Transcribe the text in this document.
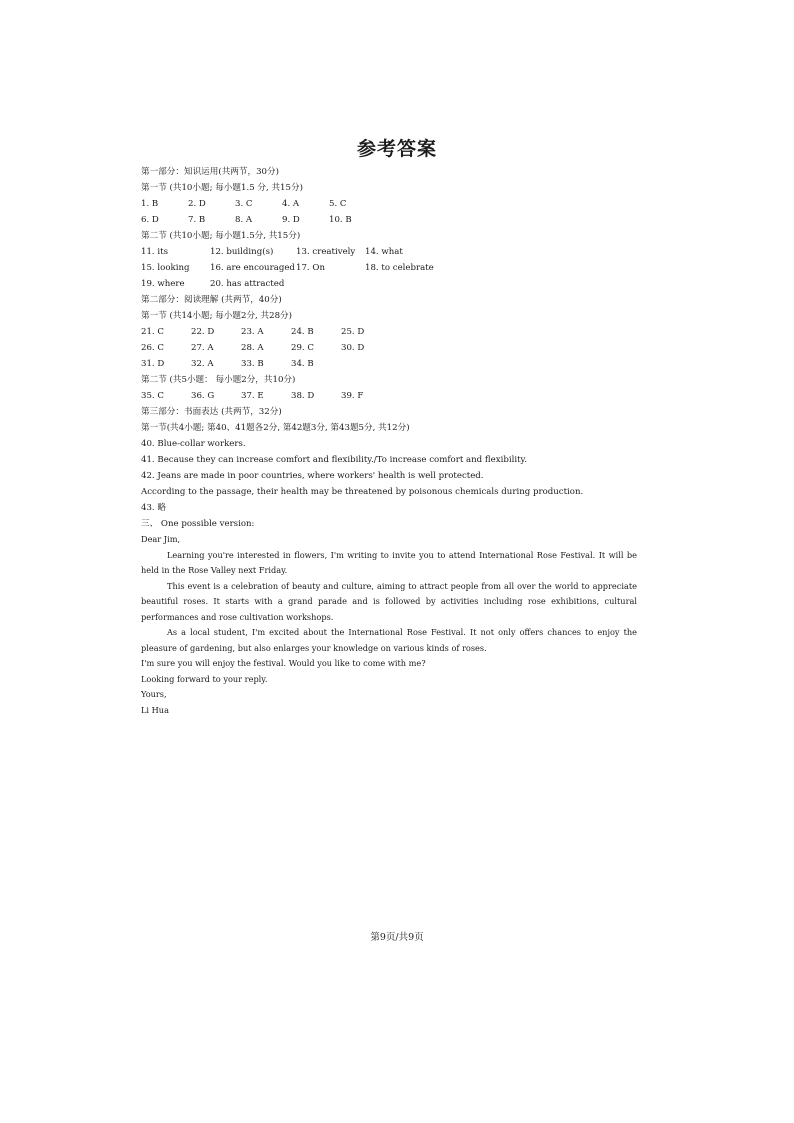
参考答案
第一部分：知识运用(共两节，30分)
第一节 (共10小题; 每小题1.5 分, 共15分)
1. B	2. D	3. C	4. A	5. C
6. D	7. B	8. A	9. D	10. B
第二节 (共10小题; 每小题1.5分, 共15分)
11. its	12. building(s)	13. creatively	14. what
15. looking	16. are encouraged 17. On	18. to celebrate
19. where	20. has attracted
第二部分：阅读理解 (共两节，40分)
第一节 (共14小题; 每小题2分, 共28分)
21. C	22. D	23. A	24. B	25. D
26. C	27. A	28. A	29. C	30. D
31. D	32. A	33. B	34. B
第二节 (共5小题： 每小题2分，共10分)
35. C	36. G	37. E	38. D	39. F
第三部分：书面表达 (共两节，32分)
第一节(共4小题; 第40、41题各2分, 第42题3分, 第43题5分, 共12分)
40. Blue-collar workers.
41. Because they can increase comfort and flexibility./To increase comfort and flexibility.
42. Jeans are made in poor countries, where workers' health is well protected.
According to the passage, their health may be threatened by poisonous chemicals during production.
43. 略
三、 One possible version:
Dear Jim,

Learning you're interested in flowers, I'm writing to invite you to attend International Rose Festival. It will be held in the Rose Valley next Friday.

This event is a celebration of beauty and culture, aiming to attract people from all over the world to appreciate beautiful roses. It starts with a grand parade and is followed by activities including rose exhibitions, cultural performances and rose cultivation workshops.

As a local student, I'm excited about the International Rose Festival. It not only offers chances to enjoy the pleasure of gardening, but also enlarges your knowledge on various kinds of roses.

I'm sure you will enjoy the festival. Would you like to come with me?
Looking forward to your reply.
Yours,
Li Hua
第9页/共9页
